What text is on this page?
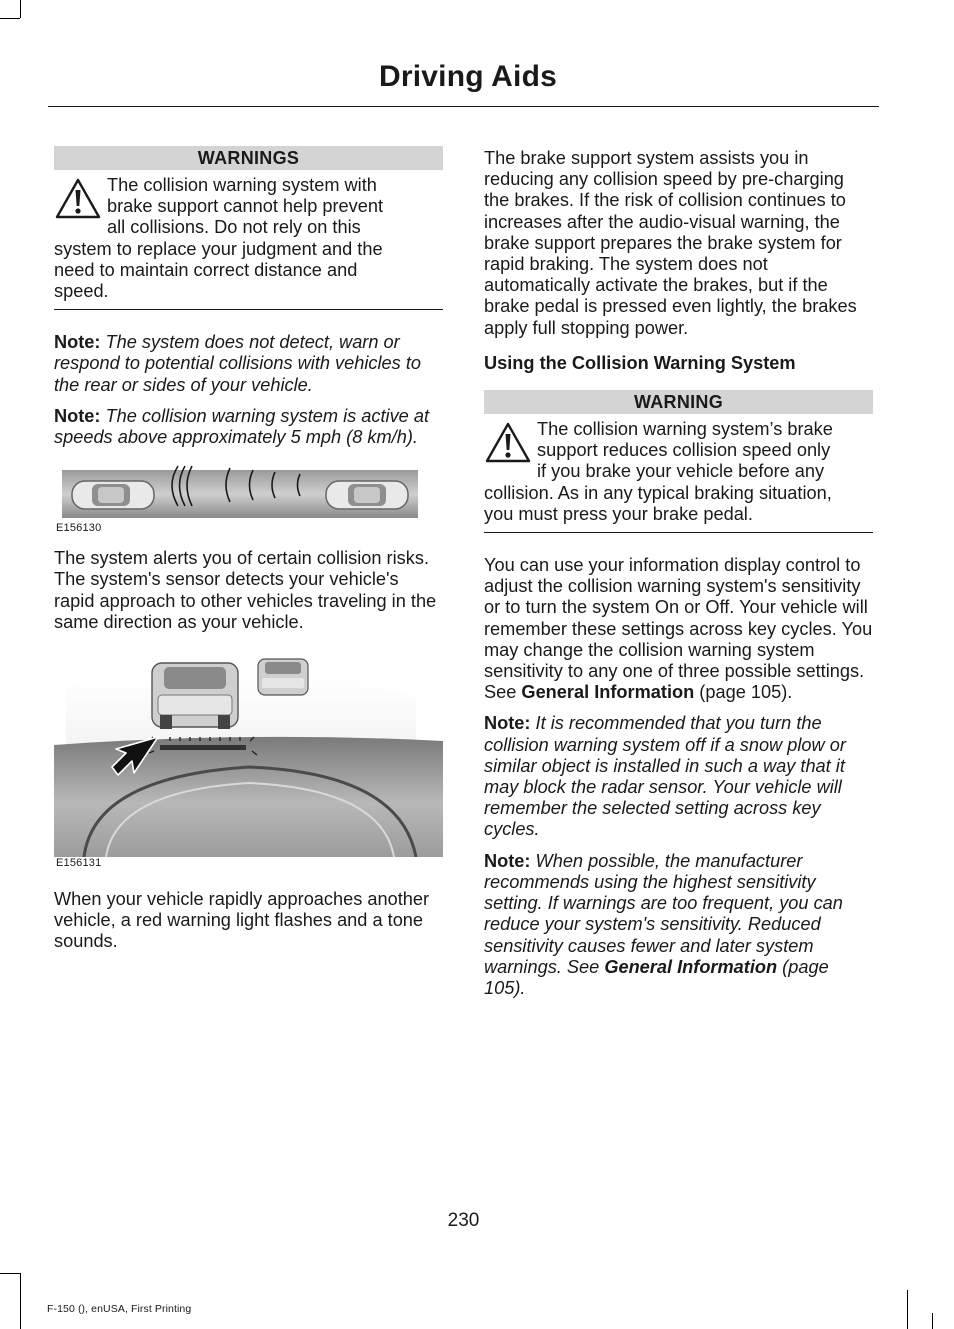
Driving Aids
WARNINGS
The collision warning system with
brake support cannot help prevent
all collisions. Do not rely on this
system to replace your judgment and the
need to maintain correct distance and
speed.

Note: The system does not detect, warn or respond to potential collisions with vehicles to the rear or sides of your vehicle.

Note: The collision warning system is active at speeds above approximately 5 mph (8 km/h).

E156130

The system alerts you of certain collision risks. The system's sensor detects your vehicle's rapid approach to other vehicles traveling in the same direction as your vehicle.

E156131

When your vehicle rapidly approaches another vehicle, a red warning light flashes and a tone sounds.

The brake support system assists you in reducing any collision speed by pre-charging the brakes. If the risk of collision continues to increases after the audio-visual warning, the brake support prepares the brake system for rapid braking. The system does not automatically activate the brakes, but if the brake pedal is pressed even lightly, the brakes apply full stopping power.

Using the Collision Warning System

WARNING
The collision warning system’s brake
support reduces collision speed only
if you brake your vehicle before any
collision. As in any typical braking situation,
you must press your brake pedal.

You can use your information display control to adjust the collision warning system's sensitivity or to turn the system On or Off. Your vehicle will remember these settings across key cycles. You may change the collision warning system sensitivity to any one of three possible settings. See General Information (page 105).

Note: It is recommended that you turn the collision warning system off if a snow plow or similar object is installed in such a way that it may block the radar sensor. Your vehicle will remember the selected setting across key cycles.

Note: When possible, the manufacturer recommends using the highest sensitivity setting. If warnings are too frequent, you can reduce your system's sensitivity. Reduced sensitivity causes fewer and later system warnings. See General Information (page 105).

230
F-150 (), enUSA, First Printing
